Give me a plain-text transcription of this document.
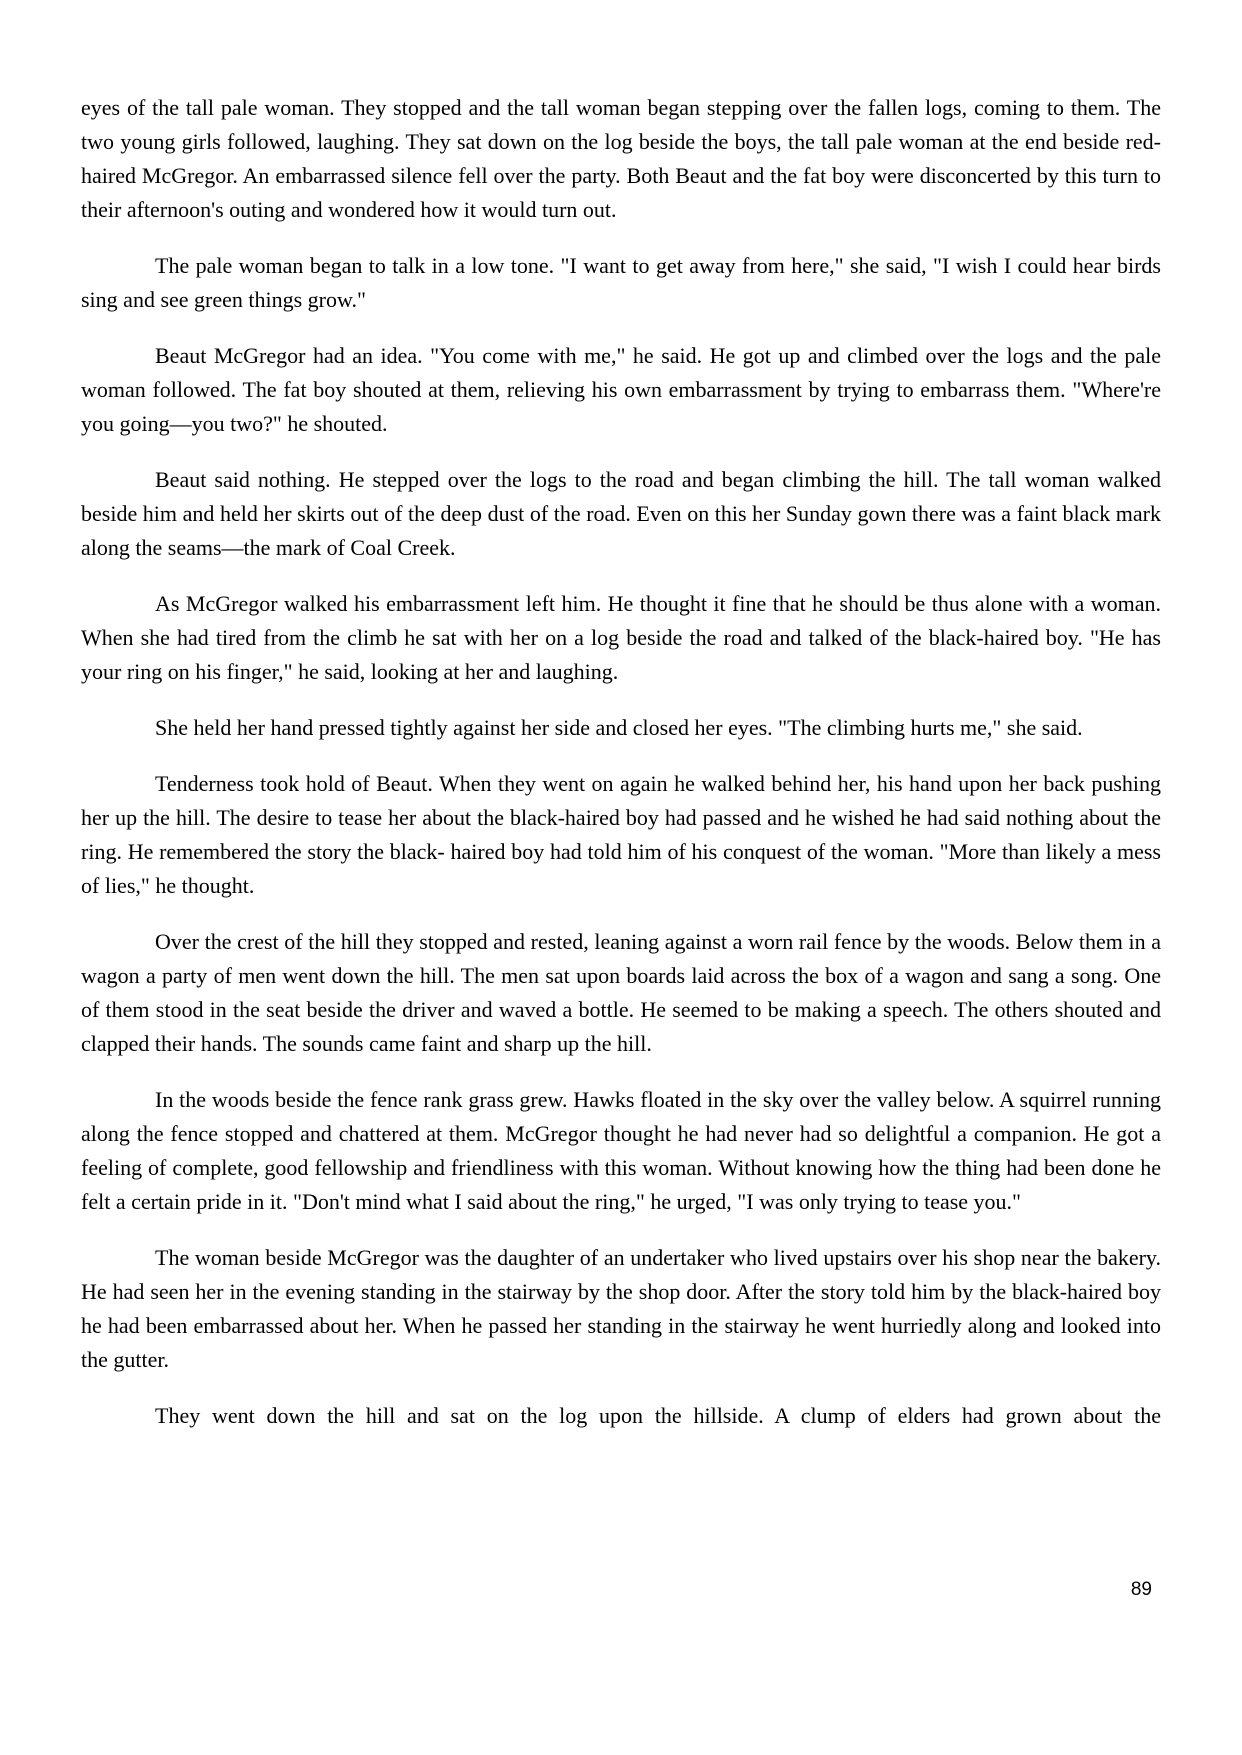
eyes of the tall pale woman. They stopped and the tall woman began stepping over the fallen logs, coming to them. The two young girls followed, laughing. They sat down on the log beside the boys, the tall pale woman at the end beside red-haired McGregor. An embarrassed silence fell over the party. Both Beaut and the fat boy were disconcerted by this turn to their afternoon's outing and wondered how it would turn out.

The pale woman began to talk in a low tone. "I want to get away from here," she said, "I wish I could hear birds sing and see green things grow."

Beaut McGregor had an idea. "You come with me," he said. He got up and climbed over the logs and the pale woman followed. The fat boy shouted at them, relieving his own embarrassment by trying to embarrass them. "Where're you going—you two?" he shouted.

Beaut said nothing. He stepped over the logs to the road and began climbing the hill. The tall woman walked beside him and held her skirts out of the deep dust of the road. Even on this her Sunday gown there was a faint black mark along the seams—the mark of Coal Creek.

As McGregor walked his embarrassment left him. He thought it fine that he should be thus alone with a woman. When she had tired from the climb he sat with her on a log beside the road and talked of the black-haired boy. "He has your ring on his finger," he said, looking at her and laughing.

She held her hand pressed tightly against her side and closed her eyes. "The climbing hurts me," she said.

Tenderness took hold of Beaut. When they went on again he walked behind her, his hand upon her back pushing her up the hill. The desire to tease her about the black-haired boy had passed and he wished he had said nothing about the ring. He remembered the story the black- haired boy had told him of his conquest of the woman. "More than likely a mess of lies," he thought.

Over the crest of the hill they stopped and rested, leaning against a worn rail fence by the woods. Below them in a wagon a party of men went down the hill. The men sat upon boards laid across the box of a wagon and sang a song. One of them stood in the seat beside the driver and waved a bottle. He seemed to be making a speech. The others shouted and clapped their hands. The sounds came faint and sharp up the hill.

In the woods beside the fence rank grass grew. Hawks floated in the sky over the valley below. A squirrel running along the fence stopped and chattered at them. McGregor thought he had never had so delightful a companion. He got a feeling of complete, good fellowship and friendliness with this woman. Without knowing how the thing had been done he felt a certain pride in it. "Don't mind what I said about the ring," he urged, "I was only trying to tease you."

The woman beside McGregor was the daughter of an undertaker who lived upstairs over his shop near the bakery. He had seen her in the evening standing in the stairway by the shop door. After the story told him by the black-haired boy he had been embarrassed about her. When he passed her standing in the stairway he went hurriedly along and looked into the gutter.

They went down the hill and sat on the log upon the hillside. A clump of elders had grown about the

89
